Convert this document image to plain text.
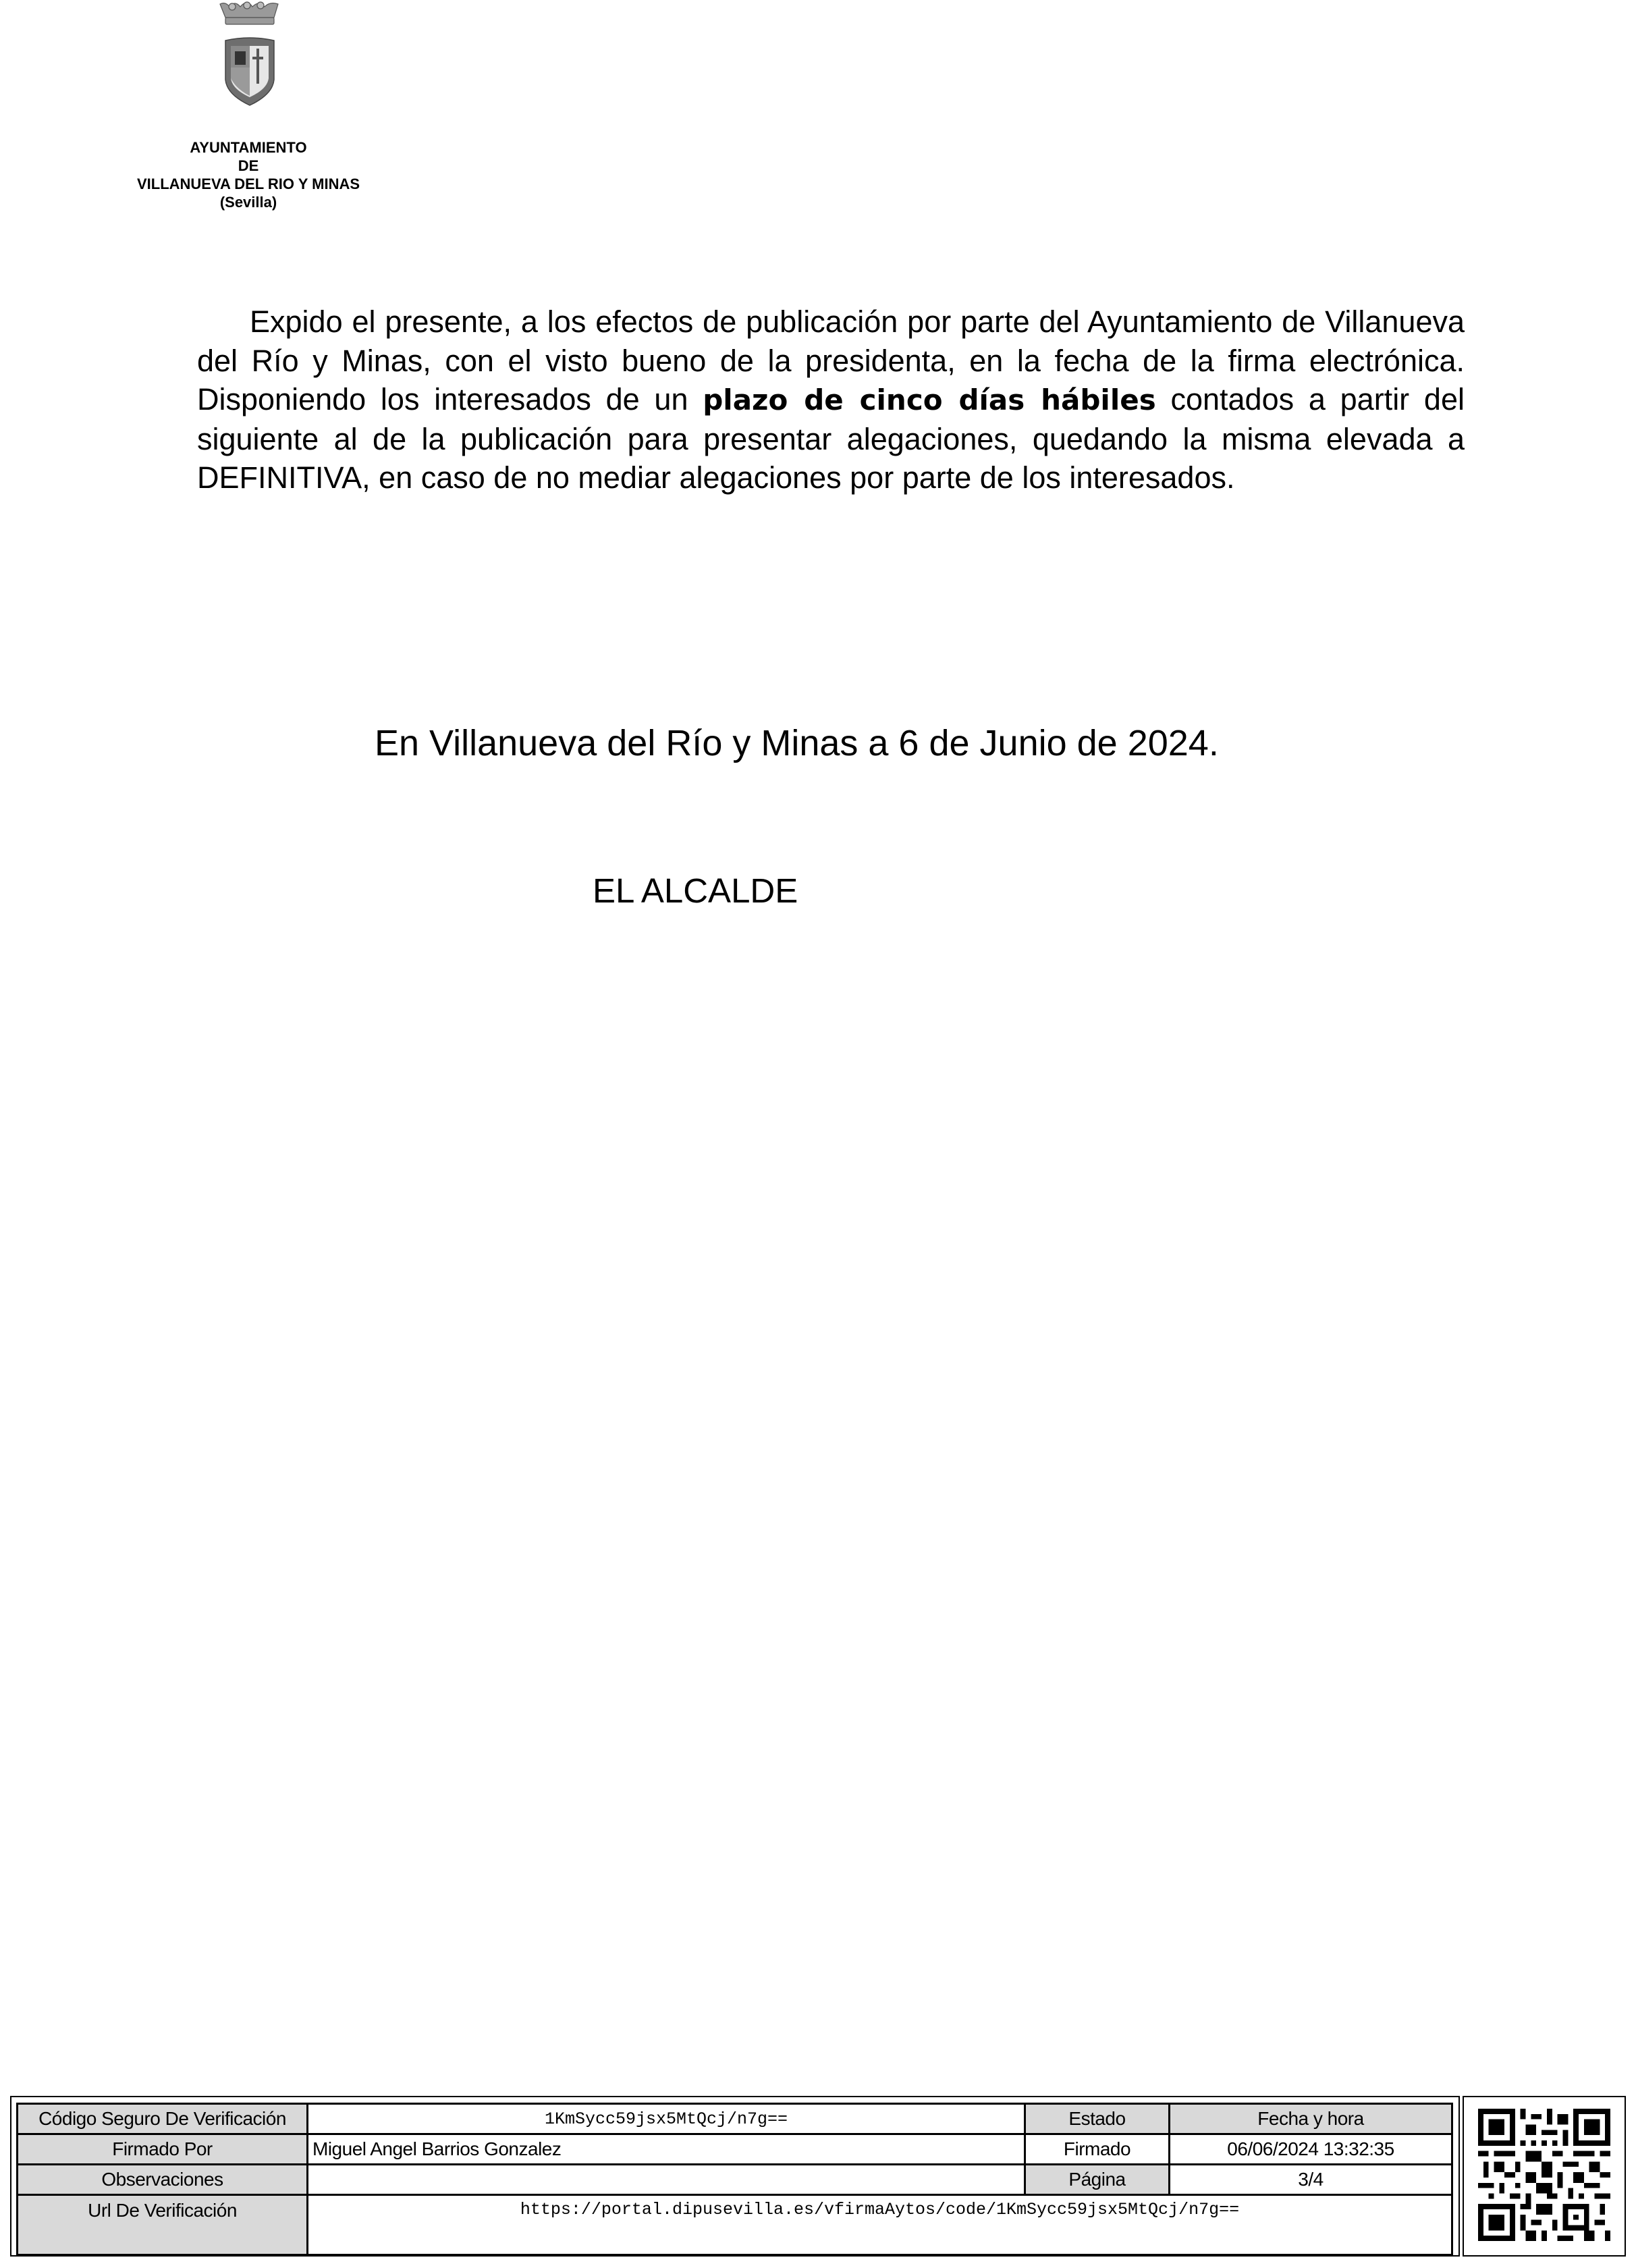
AYUNTAMIENTO
DE
VILLANUEVA DEL RIO Y MINAS
(Sevilla)

Expido el presente, a los efectos de publicación por parte del Ayuntamiento de Villanueva del Río y Minas, con el visto bueno de la presidenta, en la fecha de la firma electrónica. Disponiendo los interesados de un plazo de cinco días hábiles contados a partir del siguiente al de la publicación para presentar alegaciones, quedando la misma elevada a DEFINITIVA, en caso de no mediar alegaciones por parte de los interesados.

En Villanueva del Río y Minas a 6 de Junio de 2024.
EL ALCALDE
Código Seguro De Verificación	1KmSycc59jsx5MtQcj/n7g==	Estado	Fecha y hora
Firmado Por	Miguel Angel Barrios Gonzalez	Firmado	06/06/2024 13:32:35
Observaciones		Página	3/4
Url De Verificación	https://portal.dipusevilla.es/vfirmaAytos/code/1KmSycc59jsx5MtQcj/n7g==		
